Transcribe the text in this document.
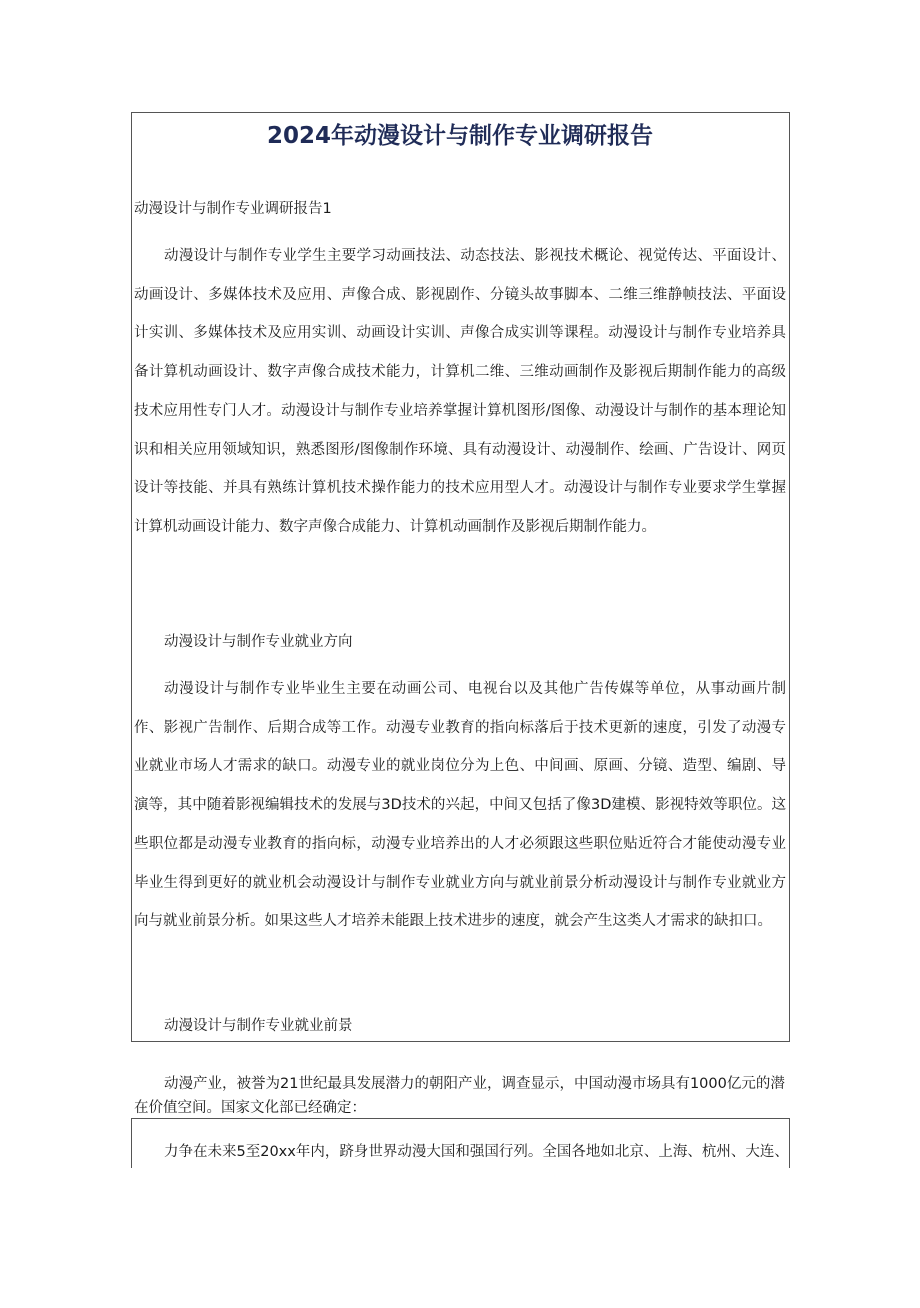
2024年动漫设计与制作专业调研报告
动漫设计与制作专业调研报告1
动漫设计与制作专业学生主要学习动画技法、动态技法、影视技术概论、视觉传达、平面设计、动画设计、多媒体技术及应用、声像合成、影视剧作、分镜头故事脚本、二维三维静帧技法、平面设计实训、多媒体技术及应用实训、动画设计实训、声像合成实训等课程。动漫设计与制作专业培养具备计算机动画设计、数字声像合成技术能力，计算机二维、三维动画制作及影视后期制作能力的高级技术应用性专门人才。动漫设计与制作专业培养掌握计算机图形/图像、动漫设计与制作的基本理论知识和相关应用领域知识，熟悉图形/图像制作环境、具有动漫设计、动漫制作、绘画、广告设计、网页设计等技能、并具有熟练计算机技术操作能力的技术应用型人才。动漫设计与制作专业要求学生掌握计算机动画设计能力、数字声像合成能力、计算机动画制作及影视后期制作能力。
动漫设计与制作专业就业方向
动漫设计与制作专业毕业生主要在动画公司、电视台以及其他广告传媒等单位，从事动画片制作、影视广告制作、后期合成等工作。动漫专业教育的指向标落后于技术更新的速度，引发了动漫专业就业市场人才需求的缺口。动漫专业的就业岗位分为上色、中间画、原画、分镜、造型、编剧、导演等，其中随着影视编辑技术的发展与3D技术的兴起，中间又包括了像3D建模、影视特效等职位。这些职位都是动漫专业教育的指向标，动漫专业培养出的人才必须跟这些职位贴近符合才能使动漫专业毕业生得到更好的就业机会动漫设计与制作专业就业方向与就业前景分析动漫设计与制作专业就业方向与就业前景分析。如果这些人才培养未能跟上技术进步的速度，就会产生这类人才需求的缺扣口。
动漫设计与制作专业就业前景
动漫产业，被誉为21世纪最具发展潜力的朝阳产业，调查显示，中国动漫市场具有1000亿元的潜
在价值空间。国家文化部已经确定：
力争在未来5至20xx年内，跻身世界动漫大国和强国行列。全国各地如北京、上海、杭州、大连、
